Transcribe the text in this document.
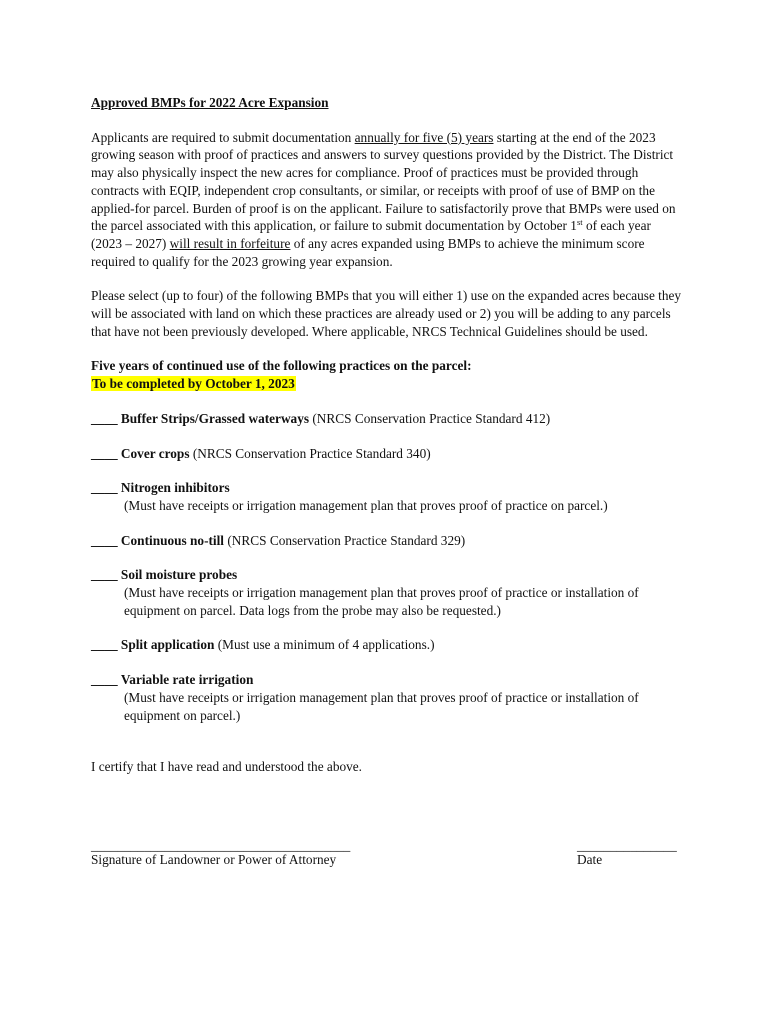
Approved BMPs for 2022 Acre Expansion

Applicants are required to submit documentation annually for five (5) years starting at the end of the 2023 growing season with proof of practices and answers to survey questions provided by the District. The District may also physically inspect the new acres for compliance. Proof of practices must be provided through contracts with EQIP, independent crop consultants, or similar, or receipts with proof of use of BMP on the applied-for parcel. Burden of proof is on the applicant. Failure to satisfactorily prove that BMPs were used on the parcel associated with this application, or failure to submit documentation by October 1st of each year (2023 – 2027) will result in forfeiture of any acres expanded using BMPs to achieve the minimum score required to qualify for the 2023 growing year expansion.

Please select (up to four) of the following BMPs that you will either 1) use on the expanded acres because they will be associated with land on which these practices are already used or 2) you will be adding to any parcels that have not been previously developed. Where applicable, NRCS Technical Guidelines should be used.

Five years of continued use of the following practices on the parcel:

To be completed by October 1, 2023

____ Buffer Strips/Grassed waterways (NRCS Conservation Practice Standard 412)

____ Cover crops (NRCS Conservation Practice Standard 340)

____ Nitrogen inhibitors

(Must have receipts or irrigation management plan that proves proof of practice on parcel.)

____ Continuous no-till (NRCS Conservation Practice Standard 329)

____ Soil moisture probes

(Must have receipts or irrigation management plan that proves proof of practice or installation of equipment on parcel. Data logs from the probe may also be requested.)

____ Split application (Must use a minimum of 4 applications.)

____ Variable rate irrigation

(Must have receipts or irrigation management plan that proves proof of practice or installation of equipment on parcel.)

I certify that I have read and understood the above.

_______________________________________
Signature of Landowner or Power of Attorney
_______________
Date
